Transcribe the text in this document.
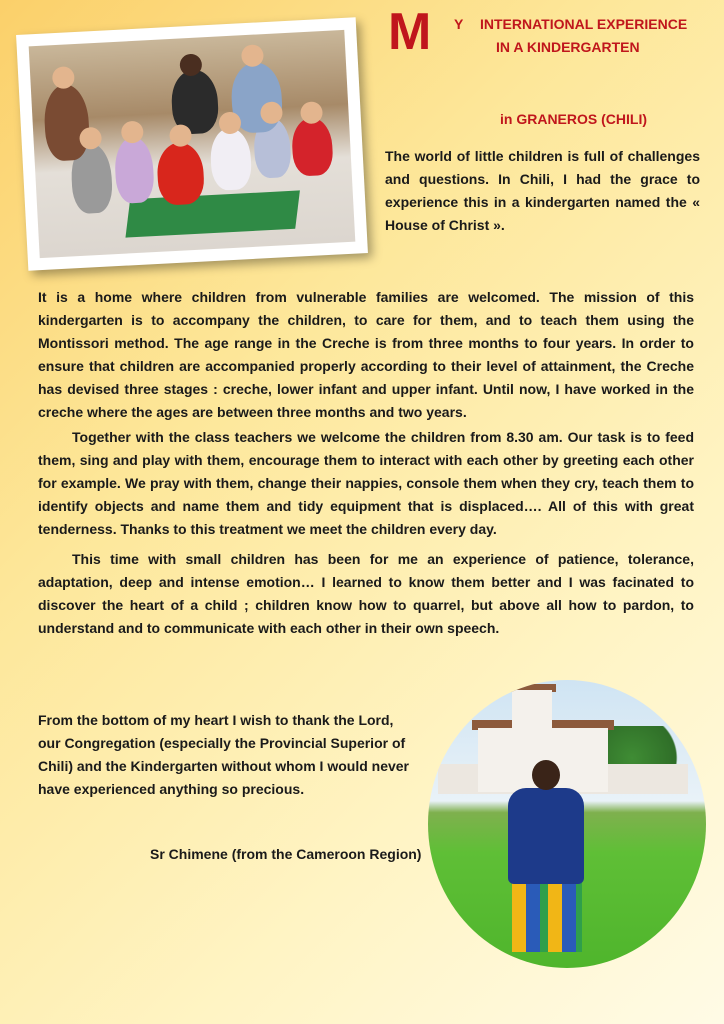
M Y INTERNATIONAL EXPERIENCE
IN A KINDERGARTEN
in GRANEROS (CHILI)

The world of little children is full of challenges and questions. In Chili, I had the grace to experience this in a kindergarten named the « House of Christ ».

It is a home where children from vulnerable families are welcomed. The mission of this kindergarten is to accompany the children, to care for them, and to teach them using the Montissori method. The age range in the Creche is from three months to four years. In order to ensure that children are accompanied properly according to their level of attainment, the Creche has devised three stages : creche, lower infant and upper infant. Until now, I have worked in the creche where the ages are between three months and two years.

Together with the class teachers we welcome the children from 8.30 am. Our task is to feed them, sing and play with them, encourage them to interact with each other by greeting each other for example. We pray with them, change their nappies, console them when they cry, teach them to identify objects and name them and tidy equipment that is displaced…. All of this with great tenderness. Thanks to this treatment we meet the children every day.

This time with small children has been for me an experience of patience, tolerance, adaptation, deep and intense emotion… I learned to know them better and I was facinated to discover the heart of a child ; children know how to quarrel, but above all how to pardon, to understand and to communicate with each other in their own speech.

From the bottom of my heart I wish to thank the Lord, our Congregation (especially the Provincial Superior of Chili) and the Kindergarten without whom I would never have experienced anything so precious.

Sr Chimene (from the Cameroon Region)
